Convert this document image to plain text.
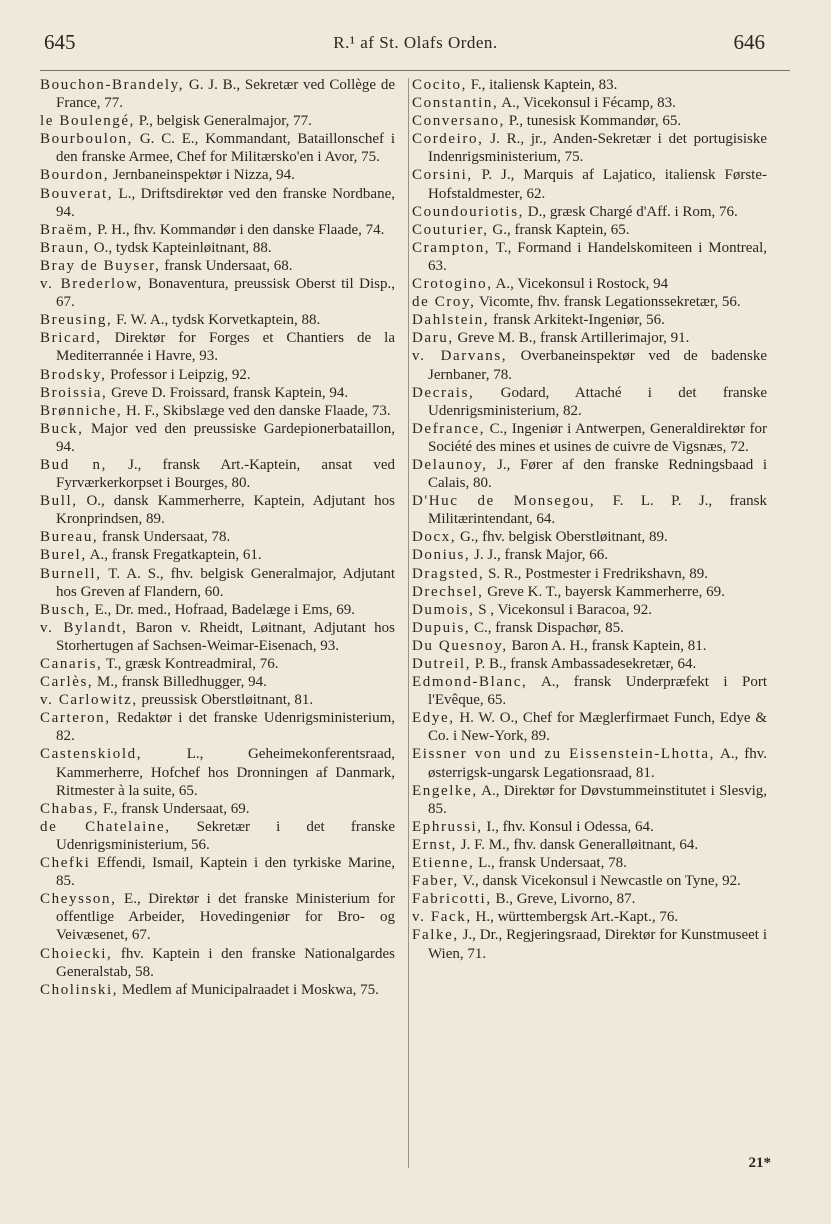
645	R.¹ af St. Olafs Orden.	646

Bouchon-Brandely, G. J. B., Sekretær ved Collège de France, 77.

le Boulengé, P., belgisk Generalmajor, 77.

Bourboulon, G. C. E., Kommandant, Bataillonschef i den franske Armee, Chef for Militærsko'en i Avor, 75.

Bourdon, Jernbaneinspektør i Nizza, 94.

Bouverat, L., Driftsdirektør ved den franske Nordbane, 94.

Braëm, P. H., fhv. Kommandør i den danske Flaade, 74.

Braun, O., tydsk Kapteinløitnant, 88.

Bray de Buyser, fransk Undersaat, 68.

v. Brederlow, Bonaventura, preussisk Oberst til Disp., 67.

Breusing, F. W. A., tydsk Korvetkaptein, 88.

Bricard, Direktør for Forges et Chantiers de la Mediterrannée i Havre, 93.

Brodsky, Professor i Leipzig, 92.

Broissia, Greve D. Froissard, fransk Kaptein, 94.

Brønniche, H. F., Skibslæge ved den danske Flaade, 73.

Buck, Major ved den preussiske Gardepionerbataillon, 94.

Bud n, J., fransk Art.-Kaptein, ansat ved Fyrværkerkorpset i Bourges, 80.

Bull, O., dansk Kammerherre, Kaptein, Adjutant hos Kronprindsen, 89.

Bureau, fransk Undersaat, 78.

Burel, A., fransk Fregatkaptein, 61.

Burnell, T. A. S., fhv. belgisk Generalmajor, Adjutant hos Greven af Flandern, 60.

Busch, E., Dr. med., Hofraad, Badelæge i Ems, 69.

v. Bylandt, Baron v. Rheidt, Løitnant, Adjutant hos Storhertugen af Sachsen-Weimar-Eisenach, 93.

Canaris, T., græsk Kontreadmiral, 76.

Carlès, M., fransk Billedhugger, 94.

v. Carlowitz, preussisk Oberstløitnant, 81.

Carteron, Redaktør i det franske Udenrigsministerium, 82.

Castenskiold, L., Geheimekonferentsraad, Kammerherre, Hofchef hos Dronningen af Danmark, Ritmester à la suite, 65.

Chabas, F., fransk Undersaat, 69.

de Chatelaine, Sekretær i det franske Udenrigsministerium, 56.

Chefki Effendi, Ismail, Kaptein i den tyrkiske Marine, 85.

Cheysson, E., Direktør i det franske Ministerium for offentlige Arbeider, Hovedingeniør for Bro- og Veivæsenet, 67.

Choiecki, fhv. Kaptein i den franske Nationalgardes Generalstab, 58.

Cholinski, Medlem af Municipalraadet i Moskwa, 75.

Cocito, F., italiensk Kaptein, 83.

Constantin, A., Vicekonsul i Fécamp, 83.

Conversano, P., tunesisk Kommandør, 65.

Cordeiro, J. R., jr., Anden-Sekretær i det portugisiske Indenrigsministerium, 75.

Corsini, P. J., Marquis af Lajatico, italiensk Første-Hofstaldmester, 62.

Coundouriotis, D., græsk Chargé d'Aff. i Rom, 76.

Couturier, G., fransk Kaptein, 65.

Crampton, T., Formand i Handelskomiteen i Montreal, 63.

Crotogino, A., Vicekonsul i Rostock, 94

de Croy, Vicomte, fhv. fransk Legationssekretær, 56.

Dahlstein, fransk Arkitekt-Ingeniør, 56.

Daru, Greve M. B., fransk Artillerimajor, 91.

v. Darvans, Overbaneinspektør ved de badenske Jernbaner, 78.

Decrais, Godard, Attaché i det franske Udenrigsministerium, 82.

Defrance, C., Ingeniør i Antwerpen, Generaldirektør for Société des mines et usines de cuivre de Vigsnæs, 72.

Delaunoy, J., Fører af den franske Redningsbaad i Calais, 80.

D'Huc de Monsegou, F. L. P. J., fransk Militærintendant, 64.

Docx, G., fhv. belgisk Oberstløitnant, 89.

Donius, J. J., fransk Major, 66.

Dragsted, S. R., Postmester i Fredrikshavn, 89.

Drechsel, Greve K. T., bayersk Kammerherre, 69.

Dumois, S , Vicekonsul i Baracoa, 92.

Dupuis, C., fransk Dispachør, 85.

Du Quesnoy, Baron A. H., fransk Kaptein, 81.

Dutreil, P. B., fransk Ambassadesekretær, 64.

Edmond-Blanc, A., fransk Underpræfekt i Port l'Evêque, 65.

Edye, H. W. O., Chef for Mæglerfirmaet Funch, Edye & Co. i New-York, 89.

Eissner von und zu Eissenstein-Lhotta, A., fhv. østerrigsk-ungarsk Legationsraad, 81.

Engelke, A., Direktør for Døvstummeinstitutet i Slesvig, 85.

Ephrussi, I., fhv. Konsul i Odessa, 64.

Ernst, J. F. M., fhv. dansk Generalløitnant, 64.

Etienne, L., fransk Undersaat, 78.

Faber, V., dansk Vicekonsul i Newcastle on Tyne, 92.

Fabricotti, B., Greve, Livorno, 87.

v. Fack, H., württembergsk Art.-Kapt., 76.

Falke, J., Dr., Regjeringsraad, Direktør for Kunstmuseet i Wien, 71.

21*
